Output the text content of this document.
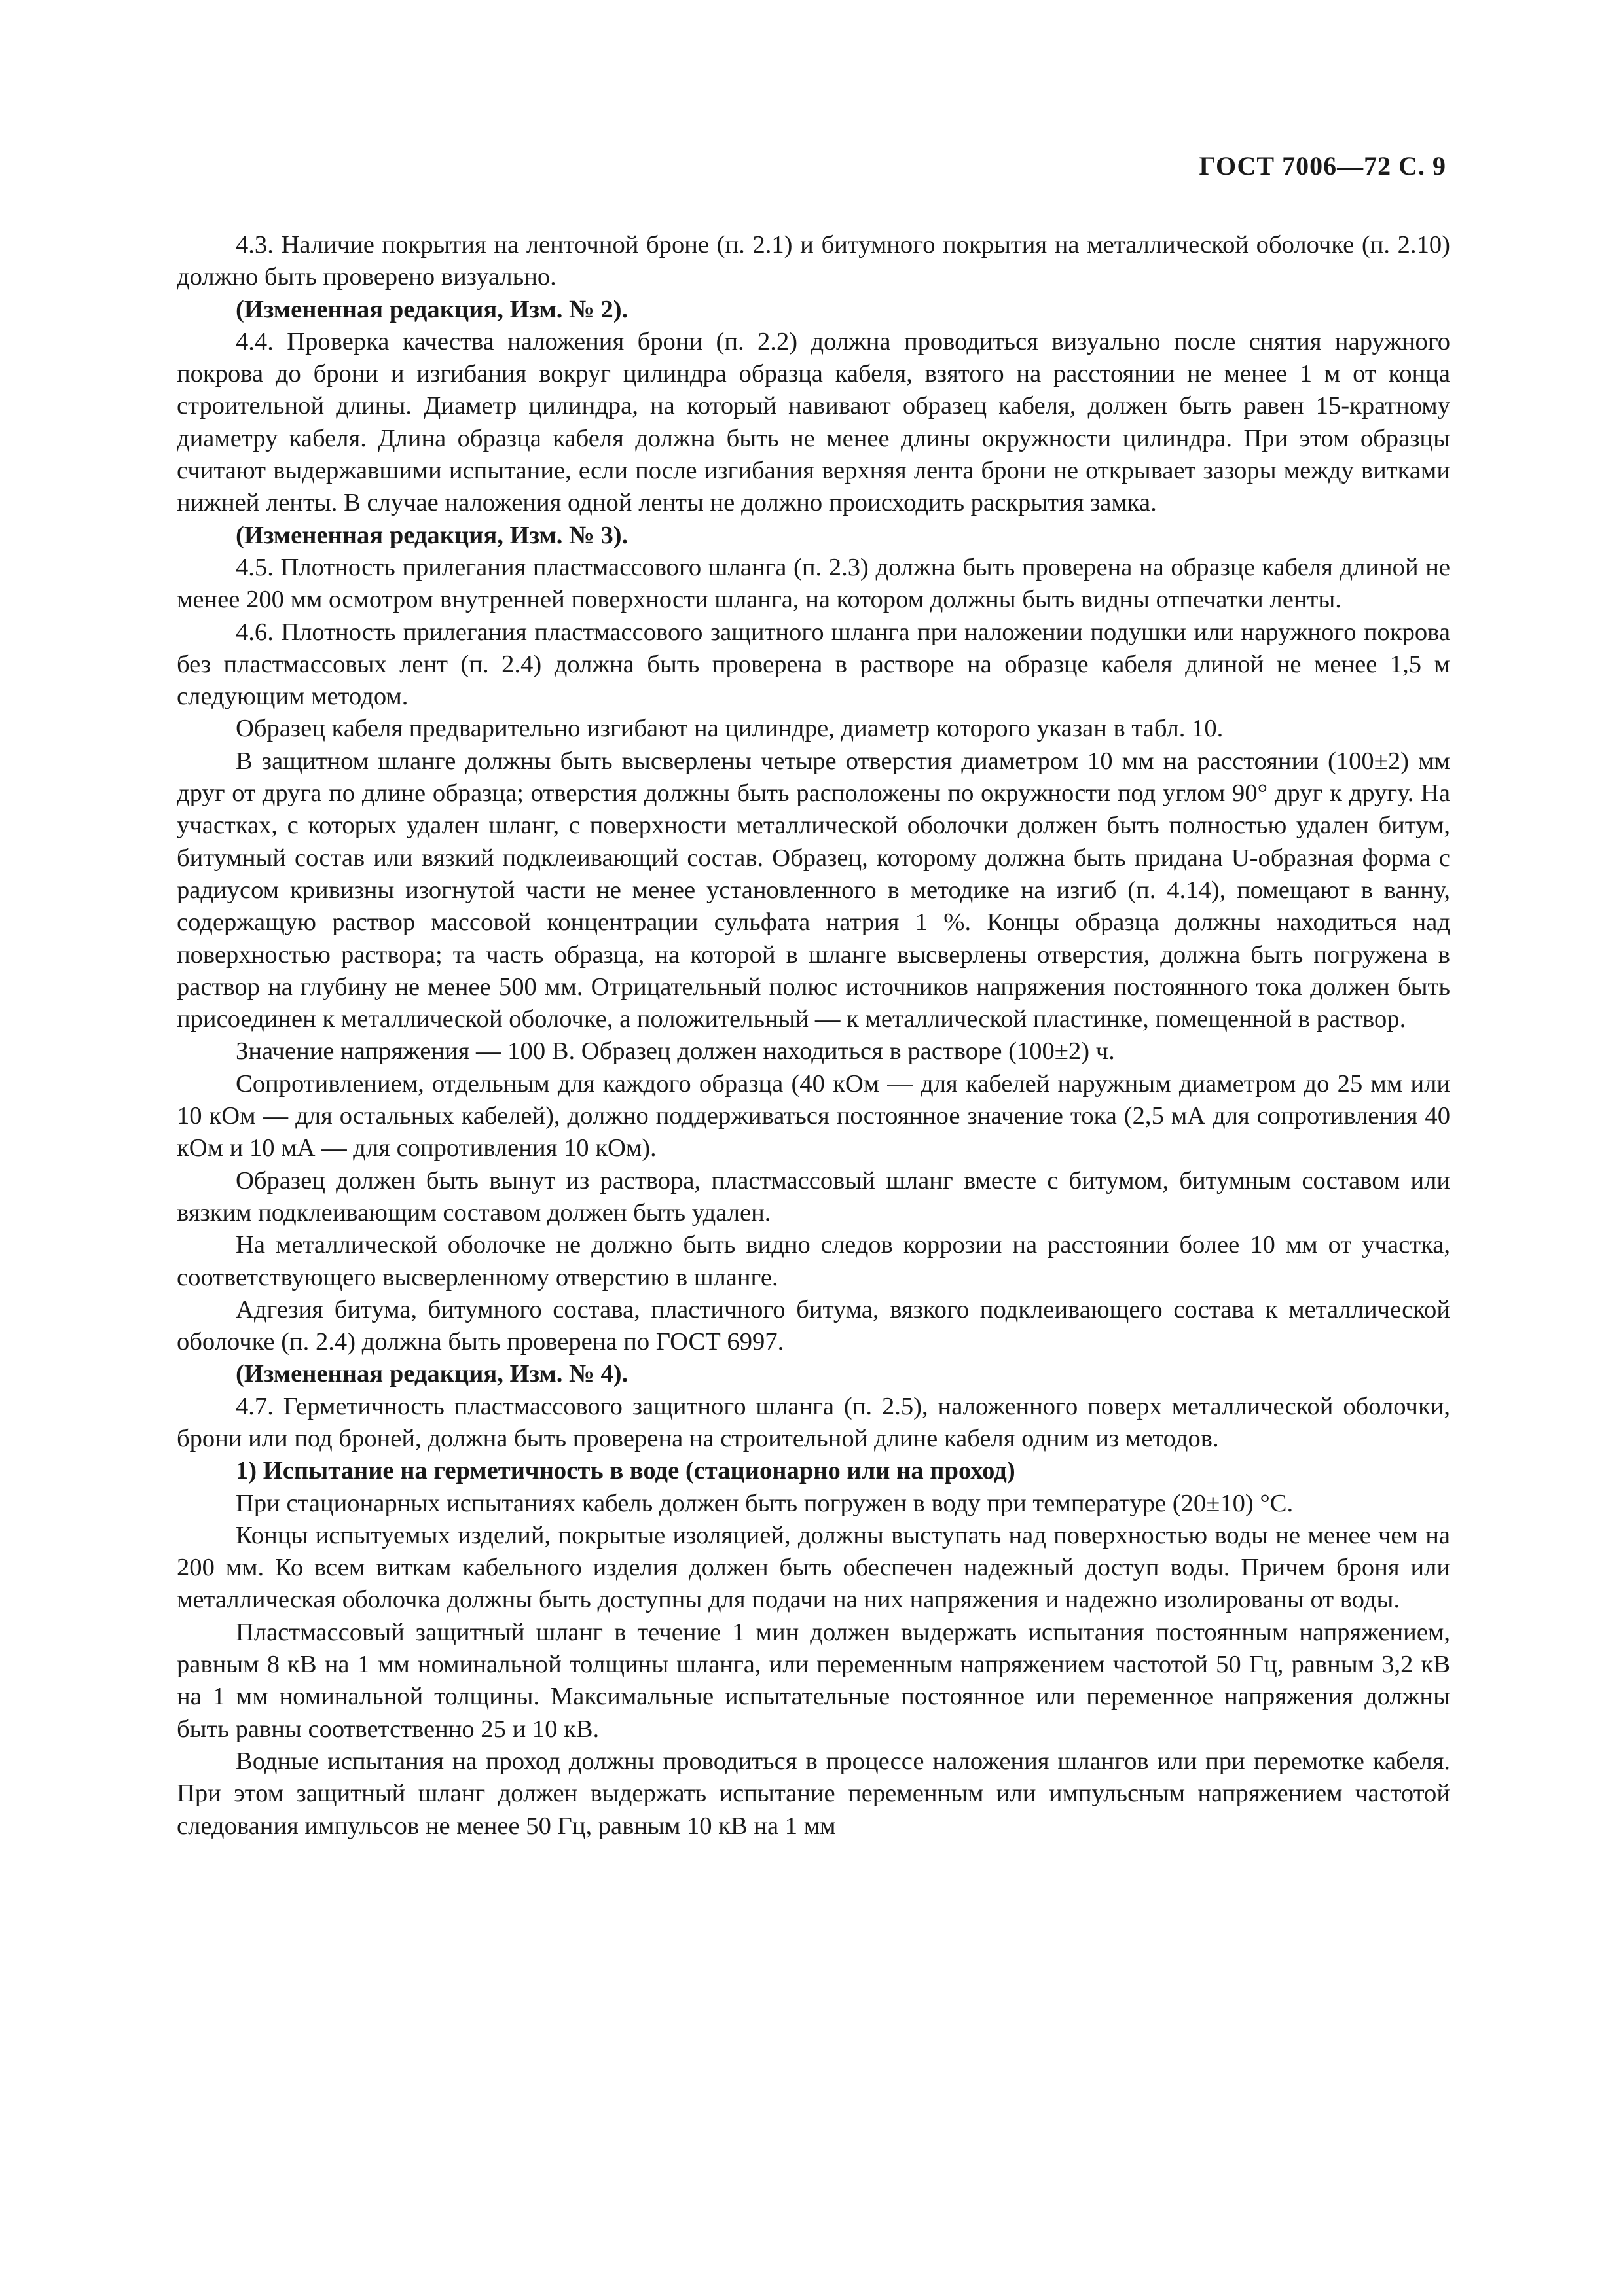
ГОСТ 7006—72 С. 9

4.3. Наличие покрытия на ленточной броне (п. 2.1) и битумного покрытия на металлической оболочке (п. 2.10) должно быть проверено визуально.

(Измененная редакция, Изм. № 2).

4.4. Проверка качества наложения брони (п. 2.2) должна проводиться визуально после снятия наружного покрова до брони и изгибания вокруг цилиндра образца кабеля, взятого на расстоянии не менее 1 м от конца строительной длины. Диаметр цилиндра, на который навивают образец кабеля, должен быть равен 15-кратному диаметру кабеля. Длина образца кабеля должна быть не менее длины окружности цилиндра. При этом образцы считают выдержавшими испытание, если после изгибания верхняя лента брони не открывает зазоры между витками нижней ленты. В случае наложения одной ленты не должно происходить раскрытия замка.

(Измененная редакция, Изм. № 3).

4.5. Плотность прилегания пластмассового шланга (п. 2.3) должна быть проверена на образце кабеля длиной не менее 200 мм осмотром внутренней поверхности шланга, на котором должны быть видны отпечатки ленты.

4.6. Плотность прилегания пластмассового защитного шланга при наложении подушки или наружного покрова без пластмассовых лент (п. 2.4) должна быть проверена в растворе на образце кабеля длиной не менее 1,5 м следующим методом.

Образец кабеля предварительно изгибают на цилиндре, диаметр которого указан в табл. 10.

В защитном шланге должны быть высверлены четыре отверстия диаметром 10 мм на расстоянии (100±2) мм друг от друга по длине образца; отверстия должны быть расположены по окружности под углом 90° друг к другу. На участках, с которых удален шланг, с поверхности металлической оболочки должен быть полностью удален битум, битумный состав или вязкий подклеивающий состав. Образец, которому должна быть придана U-образная форма с радиусом кривизны изогнутой части не менее установленного в методике на изгиб (п. 4.14), помещают в ванну, содержащую раствор массовой концентрации сульфата натрия 1 %. Концы образца должны находиться над поверхностью раствора; та часть образца, на которой в шланге высверлены отверстия, должна быть погружена в раствор на глубину не менее 500 мм. Отрицательный полюс источников напряжения постоянного тока должен быть присоединен к металлической оболочке, а положительный — к металлической пластинке, помещенной в раствор.

Значение напряжения — 100 В. Образец должен находиться в растворе (100±2) ч.

Сопротивлением, отдельным для каждого образца (40 кОм — для кабелей наружным диаметром до 25 мм или 10 кОм — для остальных кабелей), должно поддерживаться постоянное значение тока (2,5 мА для сопротивления 40 кОм и 10 мА — для сопротивления 10 кОм).

Образец должен быть вынут из раствора, пластмассовый шланг вместе с битумом, битумным составом или вязким подклеивающим составом должен быть удален.

На металлической оболочке не должно быть видно следов коррозии на расстоянии более 10 мм от участка, соответствующего высверленному отверстию в шланге.

Адгезия битума, битумного состава, пластичного битума, вязкого подклеивающего состава к металлической оболочке (п. 2.4) должна быть проверена по ГОСТ 6997.

(Измененная редакция, Изм. № 4).

4.7. Герметичность пластмассового защитного шланга (п. 2.5), наложенного поверх металлической оболочки, брони или под броней, должна быть проверена на строительной длине кабеля одним из методов.

1) Испытание на герметичность в воде (стационарно или на проход)

При стационарных испытаниях кабель должен быть погружен в воду при температуре (20±10) °С.

Концы испытуемых изделий, покрытые изоляцией, должны выступать над поверхностью воды не менее чем на 200 мм. Ко всем виткам кабельного изделия должен быть обеспечен надежный доступ воды. Причем броня или металлическая оболочка должны быть доступны для подачи на них напряжения и надежно изолированы от воды.

Пластмассовый защитный шланг в течение 1 мин должен выдержать испытания постоянным напряжением, равным 8 кВ на 1 мм номинальной толщины шланга, или переменным напряжением частотой 50 Гц, равным 3,2 кВ на 1 мм номинальной толщины. Максимальные испытательные постоянное или переменное напряжения должны быть равны соответственно 25 и 10 кВ.

Водные испытания на проход должны проводиться в процессе наложения шлангов или при перемотке кабеля. При этом защитный шланг должен выдержать испытание переменным или импульсным напряжением частотой следования импульсов не менее 50 Гц, равным 10 кВ на 1 мм
